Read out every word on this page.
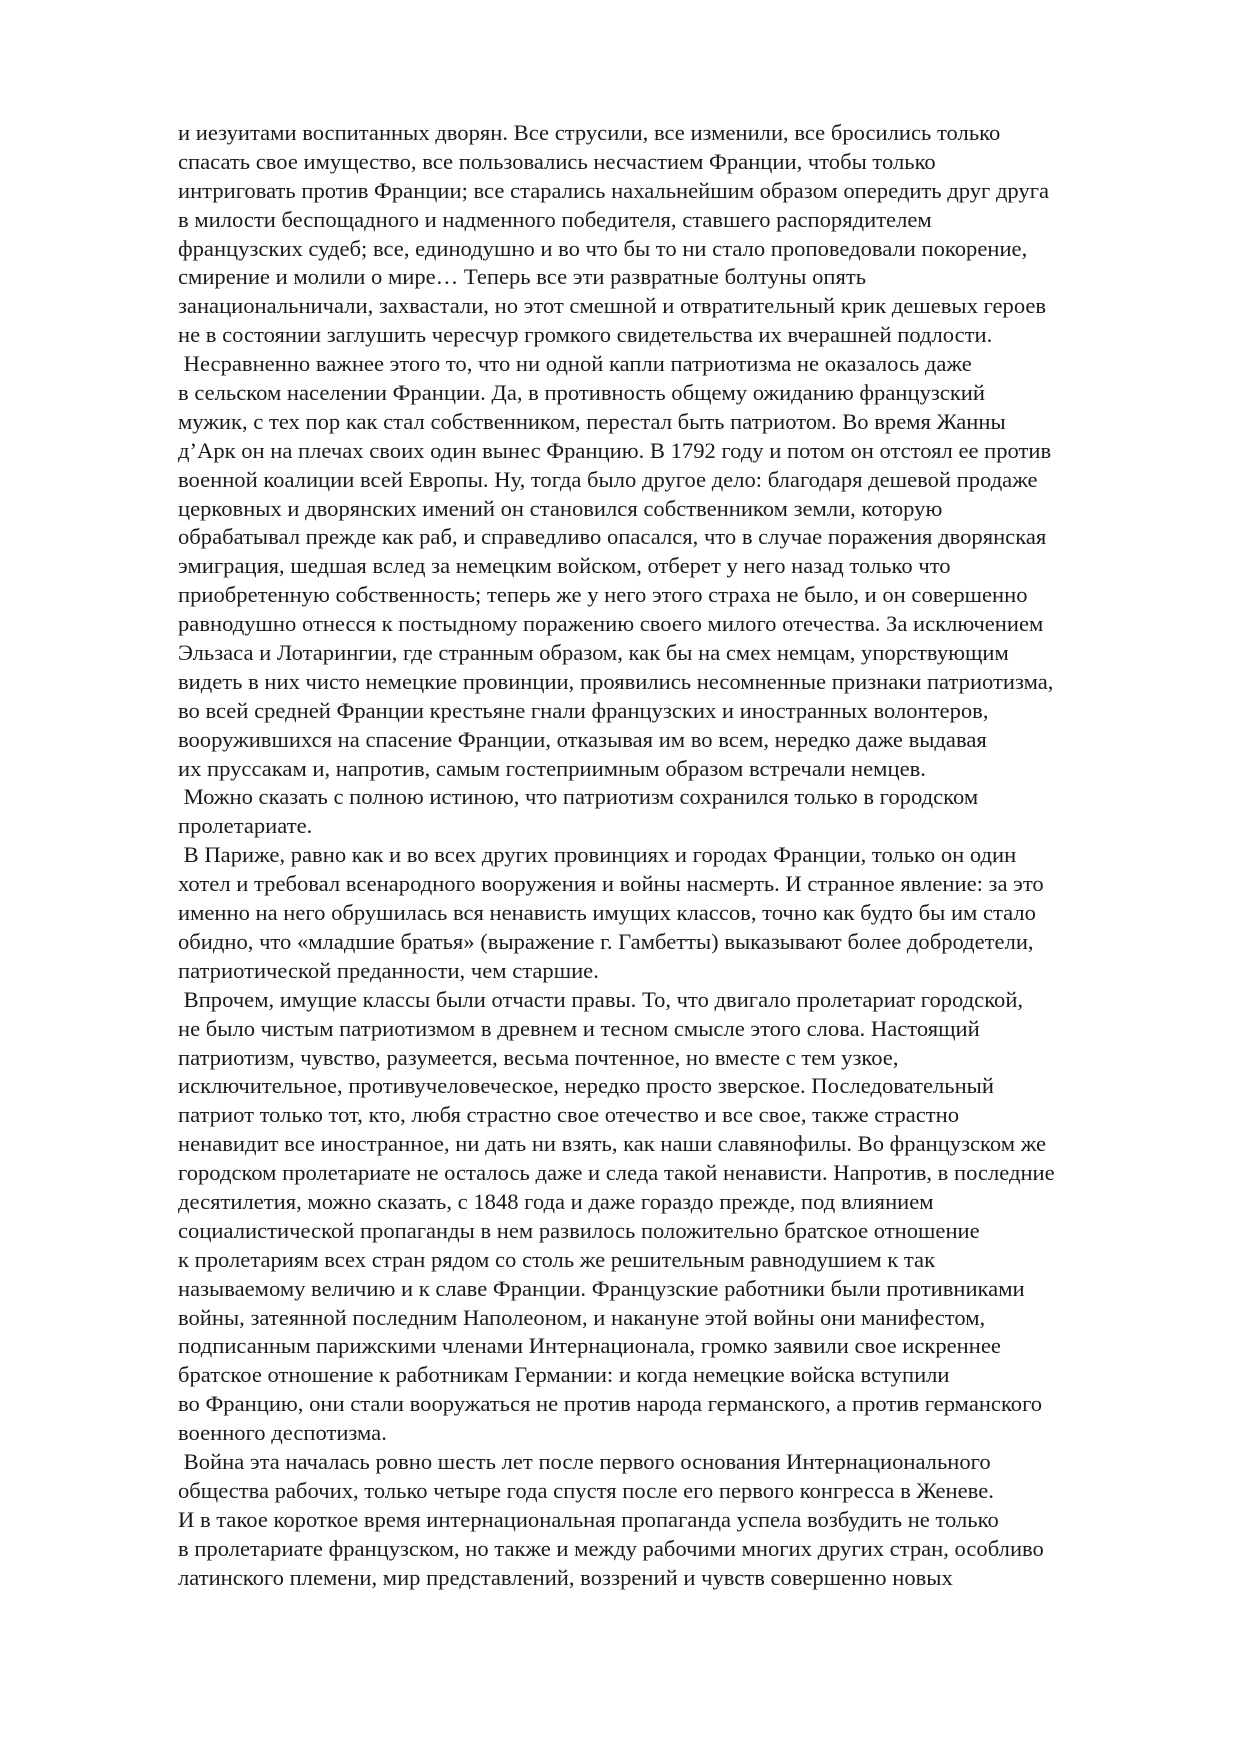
и иезуитами воспитанных дворян. Все струсили, все изменили, все бросились только
спасать свое имущество, все пользовались несчастием Франции, чтобы только
интриговать против Франции; все старались нахальнейшим образом опередить друг друга
в милости беспощадного и надменного победителя, ставшего распорядителем
французских судеб; все, единодушно и во что бы то ни стало проповедовали покорение,
смирение и молили о мире… Теперь все эти развратные болтуны опять
занациональничали, захвастали, но этот смешной и отвратительный крик дешевых героев
не в состоянии заглушить чересчур громкого свидетельства их вчерашней подлости.
Несравненно важнее этого то, что ни одной капли патриотизма не оказалось даже
в сельском населении Франции. Да, в противность общему ожиданию французский
мужик, с тех пор как стал собственником, перестал быть патриотом. Во время Жанны
д’Арк он на плечах своих один вынес Францию. В 1792 году и потом он отстоял ее против
военной коалиции всей Европы. Ну, тогда было другое дело: благодаря дешевой продаже
церковных и дворянских имений он становился собственником земли, которую
обрабатывал прежде как раб, и справедливо опасался, что в случае поражения дворянская
эмиграция, шедшая вслед за немецким войском, отберет у него назад только что
приобретенную собственность; теперь же у него этого страха не было, и он совершенно
равнодушно отнесся к постыдному поражению своего милого отечества. За исключением
Эльзаса и Лотарингии, где странным образом, как бы на смех немцам, упорствующим
видеть в них чисто немецкие провинции, проявились несомненные признаки патриотизма,
во всей средней Франции крестьяне гнали французских и иностранных волонтеров,
вооружившихся на спасение Франции, отказывая им во всем, нередко даже выдавая
их пруссакам и, напротив, самым гостеприимным образом встречали немцев.
Можно сказать с полною истиною, что патриотизм сохранился только в городском
пролетариате.
В Париже, равно как и во всех других провинциях и городах Франции, только он один
хотел и требовал всенародного вооружения и войны насмерть. И странное явление: за это
именно на него обрушилась вся ненависть имущих классов, точно как будто бы им стало
обидно, что «младшие братья» (выражение г. Гамбетты) выказывают более добродетели,
патриотической преданности, чем старшие.
Впрочем, имущие классы были отчасти правы. То, что двигало пролетариат городской,
не было чистым патриотизмом в древнем и тесном смысле этого слова. Настоящий
патриотизм, чувство, разумеется, весьма почтенное, но вместе с тем узкое,
исключительное, противучеловеческое, нередко просто зверское. Последовательный
патриот только тот, кто, любя страстно свое отечество и все свое, также страстно
ненавидит все иностранное, ни дать ни взять, как наши славянофилы. Во французском же
городском пролетариате не осталось даже и следа такой ненависти. Напротив, в последние
десятилетия, можно сказать, с 1848 года и даже гораздо прежде, под влиянием
социалистической пропаганды в нем развилось положительно братское отношение
к пролетариям всех стран рядом со столь же решительным равнодушием к так
называемому величию и к славе Франции. Французские работники были противниками
войны, затеянной последним Наполеоном, и накануне этой войны они манифестом,
подписанным парижскими членами Интернационала, громко заявили свое искреннее
братское отношение к работникам Германии: и когда немецкие войска вступили
во Францию, они стали вооружаться не против народа германского, а против германского
военного деспотизма.
Война эта началась ровно шесть лет после первого основания Интернационального
общества рабочих, только четыре года спустя после его первого конгресса в Женеве.
И в такое короткое время интернациональная пропаганда успела возбудить не только
в пролетариате французском, но также и между рабочими многих других стран, особливо
латинского племени, мир представлений, воззрений и чувств совершенно новых
